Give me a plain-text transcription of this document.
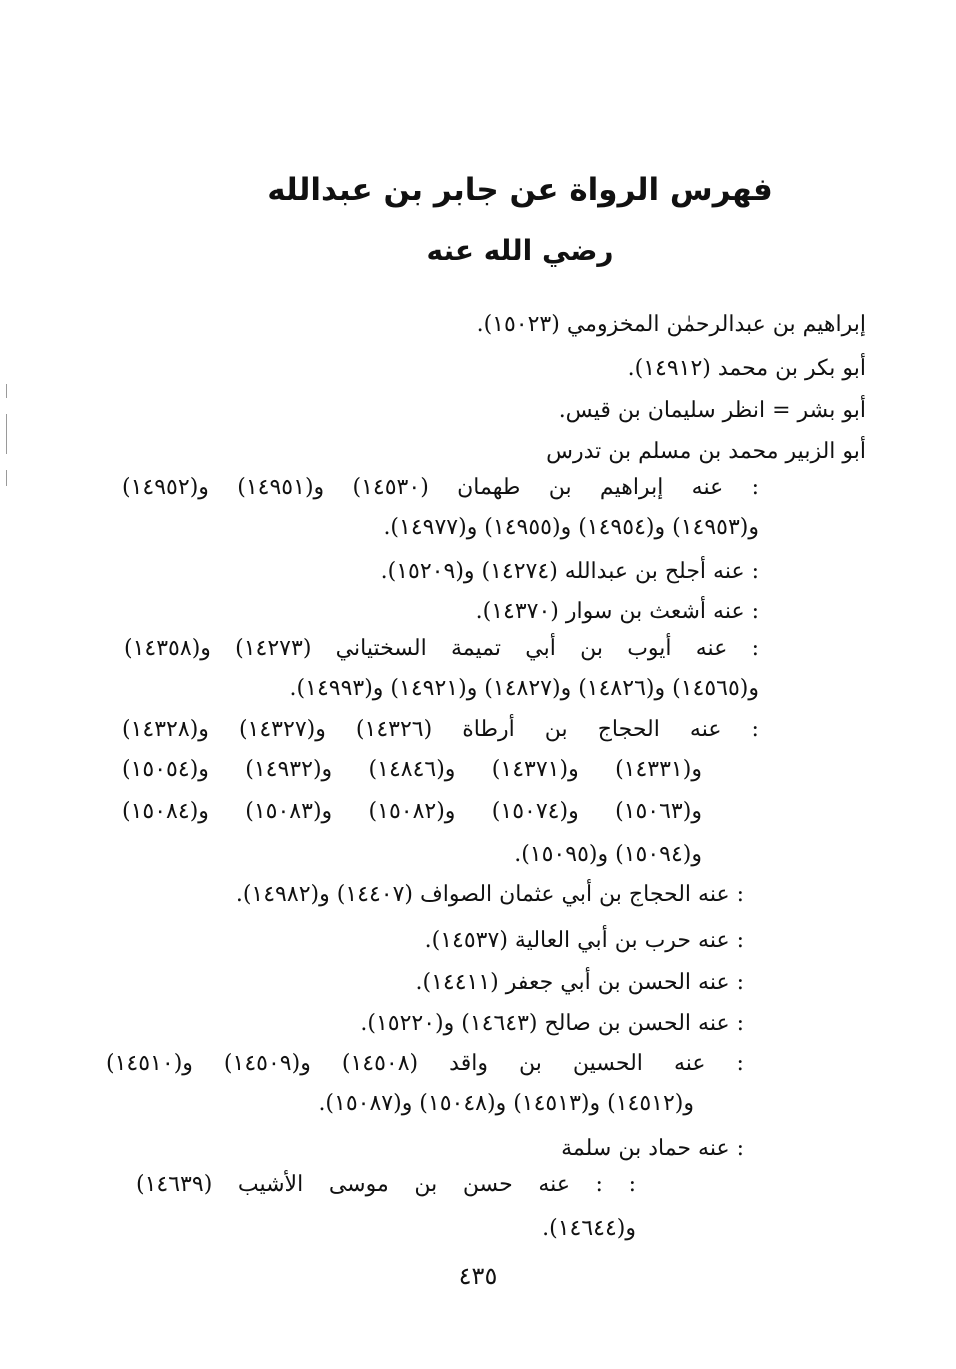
فهرس الرواة عن جابر بن عبدالله
رضي الله عنه
إبراهيم بن عبدالرحمٰن المخزومي (١٥٠٢٣).
أبو بكر بن محمد (١٤٩١٢).
أبو بشر = انظر سليمان بن قيس.
أبو الزبير محمد بن مسلم بن تدرس
: عنه إبراهيم بن طهمان (١٤٥٣٠) و(١٤٩٥١) و(١٤٩٥٢)
و(١٤٩٥٣) و(١٤٩٥٤) و(١٤٩٥٥) و(١٤٩٧٧).
: عنه أجلح بن عبدالله (١٤٢٧٤) و(١٥٢٠٩).
: عنه أشعث بن سوار (١٤٣٧٠).
: عنه أيوب بن أبي تميمة السختياني (١٤٢٧٣) و(١٤٣٥٨)
و(١٤٥٦٥) و(١٤٨٢٦) و(١٤٨٢٧) و(١٤٩٢١) و(١٤٩٩٣).
: عنه الحجاج بن أرطاة (١٤٣٢٦) و(١٤٣٢٧) و(١٤٣٢٨)
و(١٤٣٣١) و(١٤٣٧١) و(١٤٨٤٦) و(١٤٩٣٢) و(١٥٠٥٤)
و(١٥٠٦٣) و(١٥٠٧٤) و(١٥٠٨٢) و(١٥٠٨٣) و(١٥٠٨٤)
و(١٥٠٩٤) و(١٥٠٩٥).
: عنه الحجاج بن أبي عثمان الصواف (١٤٤٠٧) و(١٤٩٨٢).
: عنه حرب بن أبي العالية (١٤٥٣٧).
: عنه الحسن بن أبي جعفر (١٤٤١١).
: عنه الحسن بن صالح (١٤٦٤٣) و(١٥٢٢٠).
: عنه الحسين بن واقد (١٤٥٠٨) و(١٤٥٠٩) و(١٤٥١٠)
و(١٤٥١٢) و(١٤٥١٣) و(١٥٠٤٨) و(١٥٠٨٧).
: عنه حماد بن سلمة
: : عنه حسن بن موسى الأشيب (١٤٦٣٩)
و(١٤٦٤٤).
٤٣٥
